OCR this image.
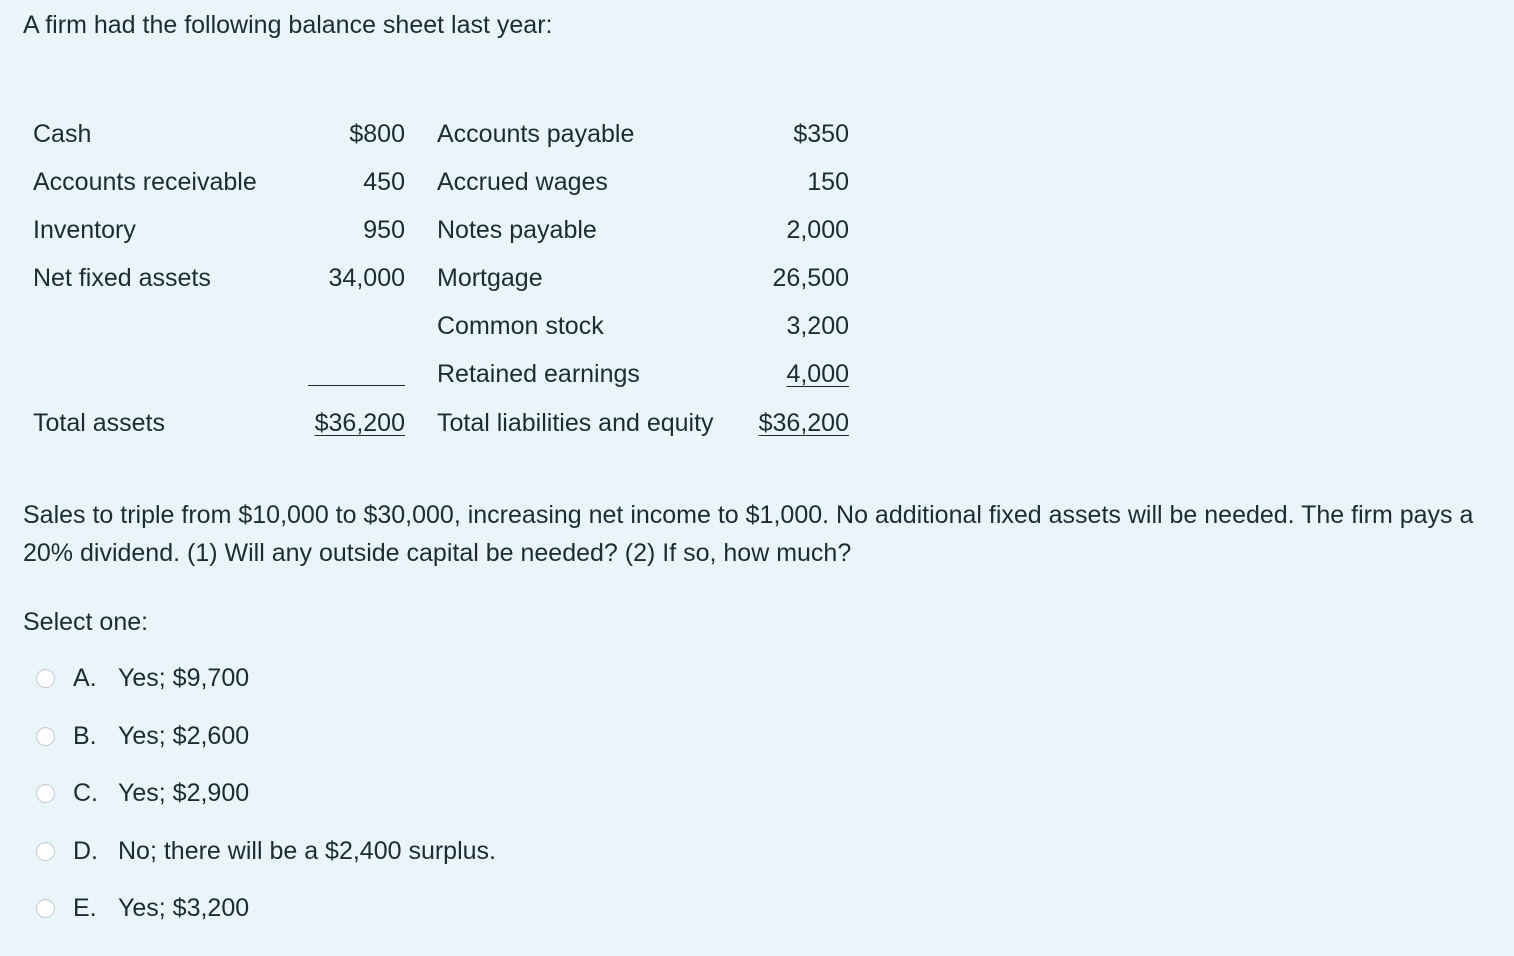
A firm had the following balance sheet last year:

Cash	$800		Accounts payable	$350
Accounts receivable	450		Accrued wages	150
Inventory	950		Notes payable	2,000
Net fixed assets	34,000		Mortgage	26,500
			Common stock	3,200
			Retained earnings	4,000
Total assets	$36,200		Total liabilities and equity	$36,200

Sales to triple from $10,000 to $30,000, increasing net income to $1,000. No additional fixed assets will be needed. The firm pays a 20% dividend. (1) Will any outside capital be needed? (2) If so, how much?

Select one:

A. Yes; $9,700
B. Yes; $2,600
C. Yes; $2,900
D. No; there will be a $2,400 surplus.
E. Yes; $3,200
